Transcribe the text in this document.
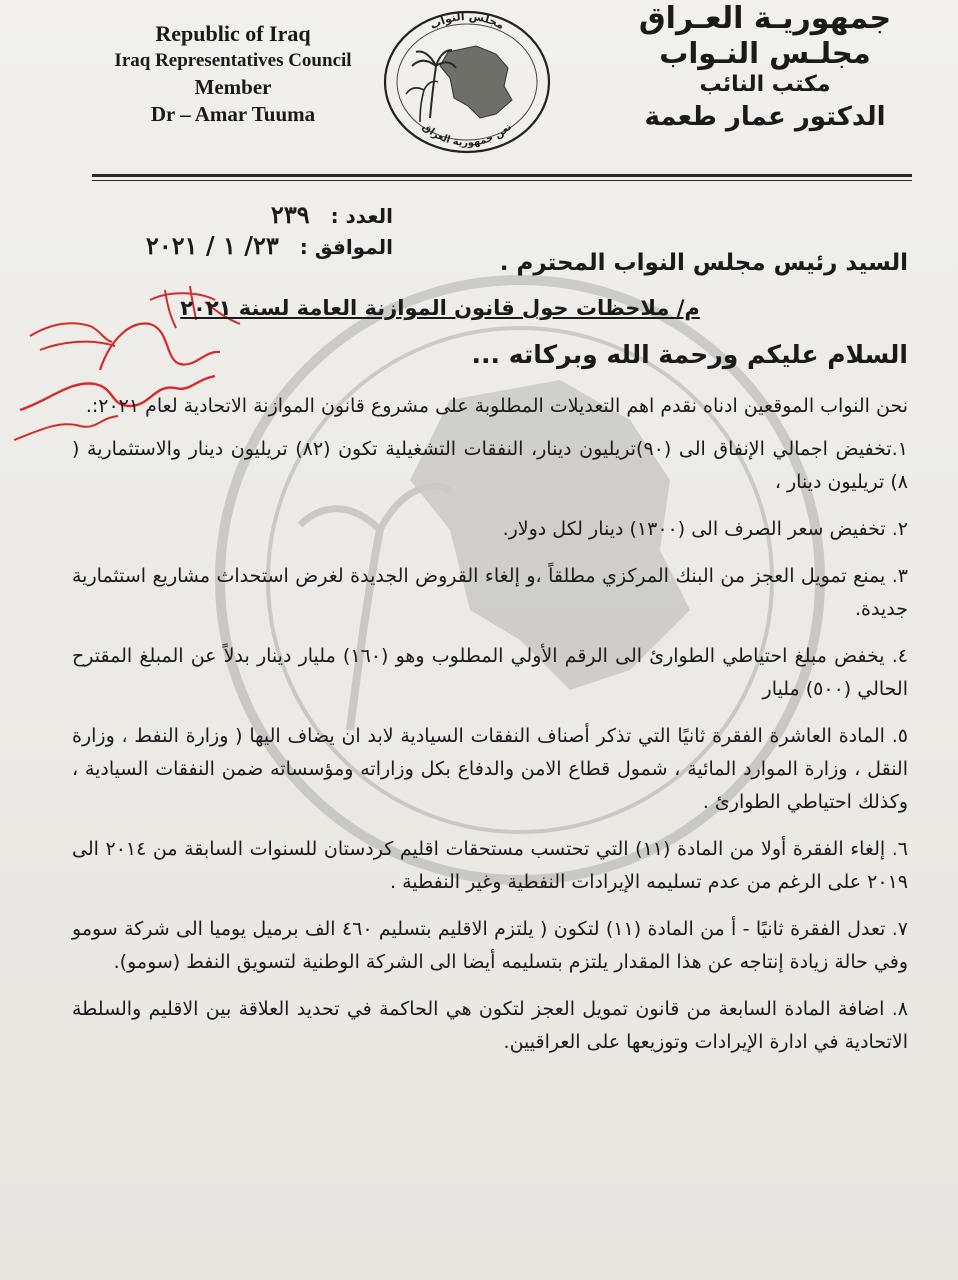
Republic of Iraq
Iraq Representatives Council
Member
Dr – Amar Tuuma
مجلس النواب
نعن جمهورية العراق
جمهوريـة العـراق
مجلـس النـواب
مكتب النائب
الدكتور عمار طعمة
العدد : ٢٣٩
الموافق : ٢٣/ ١ / ٢٠٢١
السيد رئيس مجلس النواب المحترم .
م/ ملاحظات حول قانون الموازنة العامة لسنة ٢٠٢١
السلام عليكم ورحمة الله وبركاته ...
نحن النواب الموقعين ادناه نقدم اهم التعديلات المطلوبة على مشروع قانون الموازنة الاتحادية لعام ٢٠٢١:.
١.تخفيض اجمالي الإنفاق الى (٩٠)تريليون دينار، النفقات التشغيلية تكون (٨٢) تريليون دينار والاستثمارية ( ٨) تريليون دينار ،
٢. تخفيض سعر الصرف الى (١٣٠٠) دينار لكل دولار.
٣. يمنع تمويل العجز من البنك المركزي مطلقاً ،و إلغاء القروض الجديدة لغرض استحداث مشاريع استثمارية جديدة.
٤. يخفض مبلغ احتياطي الطوارئ الى الرقم الأولي المطلوب وهو (١٦٠) مليار دينار بدلاً عن المبلغ المقترح الحالي (٥٠٠) مليار
٥. المادة العاشرة الفقرة ثانيًا التي تذكر أصناف النفقات السيادية لابد ان يضاف اليها ( وزارة النفط ، وزارة النقل ، وزارة الموارد المائية ، شمول قطاع الامن والدفاع بكل وزاراته ومؤسساته ضمن النفقات السيادية ، وكذلك احتياطي الطوارئ .
٦. إلغاء الفقرة أولا من المادة (١١) التي تحتسب مستحقات اقليم كردستان للسنوات السابقة من ٢٠١٤ الى ٢٠١٩ على الرغم من عدم تسليمه الإيرادات النفطية وغير النفطية .
٧. تعدل الفقرة ثانيًا - أ من المادة (١١) لتكون ( يلتزم الاقليم بتسليم ٤٦٠ الف برميل يوميا الى شركة سومو وفي حالة زيادة إنتاجه عن هذا المقدار يلتزم بتسليمه أيضا الى الشركة الوطنية لتسويق النفط (سومو).
٨. اضافة المادة السابعة من قانون تمويل العجز لتكون هي الحاكمة في تحديد العلاقة بين الاقليم والسلطة الاتحادية في ادارة الإيرادات وتوزيعها على العراقيين.
